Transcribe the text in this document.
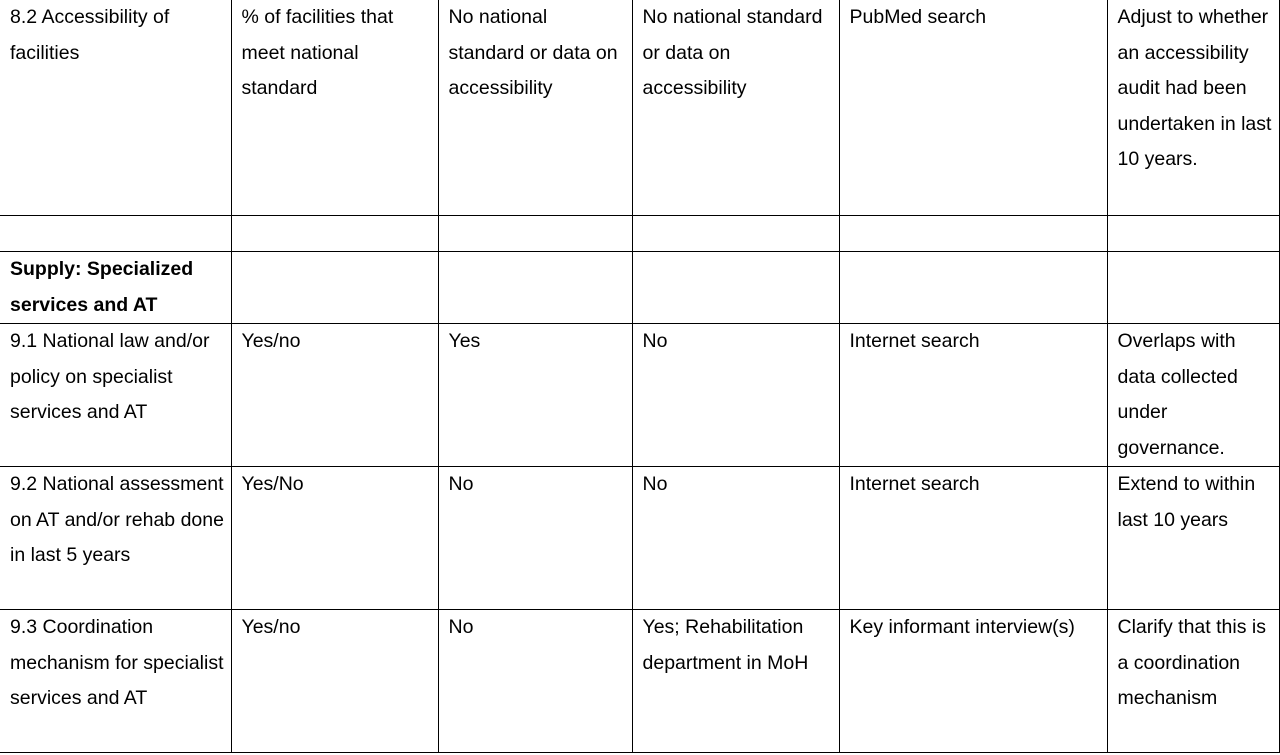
8.2 Accessibility of facilities	% of facilities that meet national standard	No national standard or data on accessibility	No national standard or data on accessibility	PubMed search	Adjust to whether an accessibility audit had been undertaken in last 10 years.

Supply: Specialized services and AT					
9.1 National law and/or policy on specialist services and AT	Yes/no	Yes	No	Internet search	Overlaps with data collected under governance.
9.2 National assessment on AT and/or rehab done in last 5 years	Yes/No	No	No	Internet search	Extend to within last 10 years
9.3 Coordination mechanism for specialist services and AT	Yes/no	No	Yes; Rehabilitation department in MoH	Key informant interview(s)	Clarify that this is a coordination mechanism
